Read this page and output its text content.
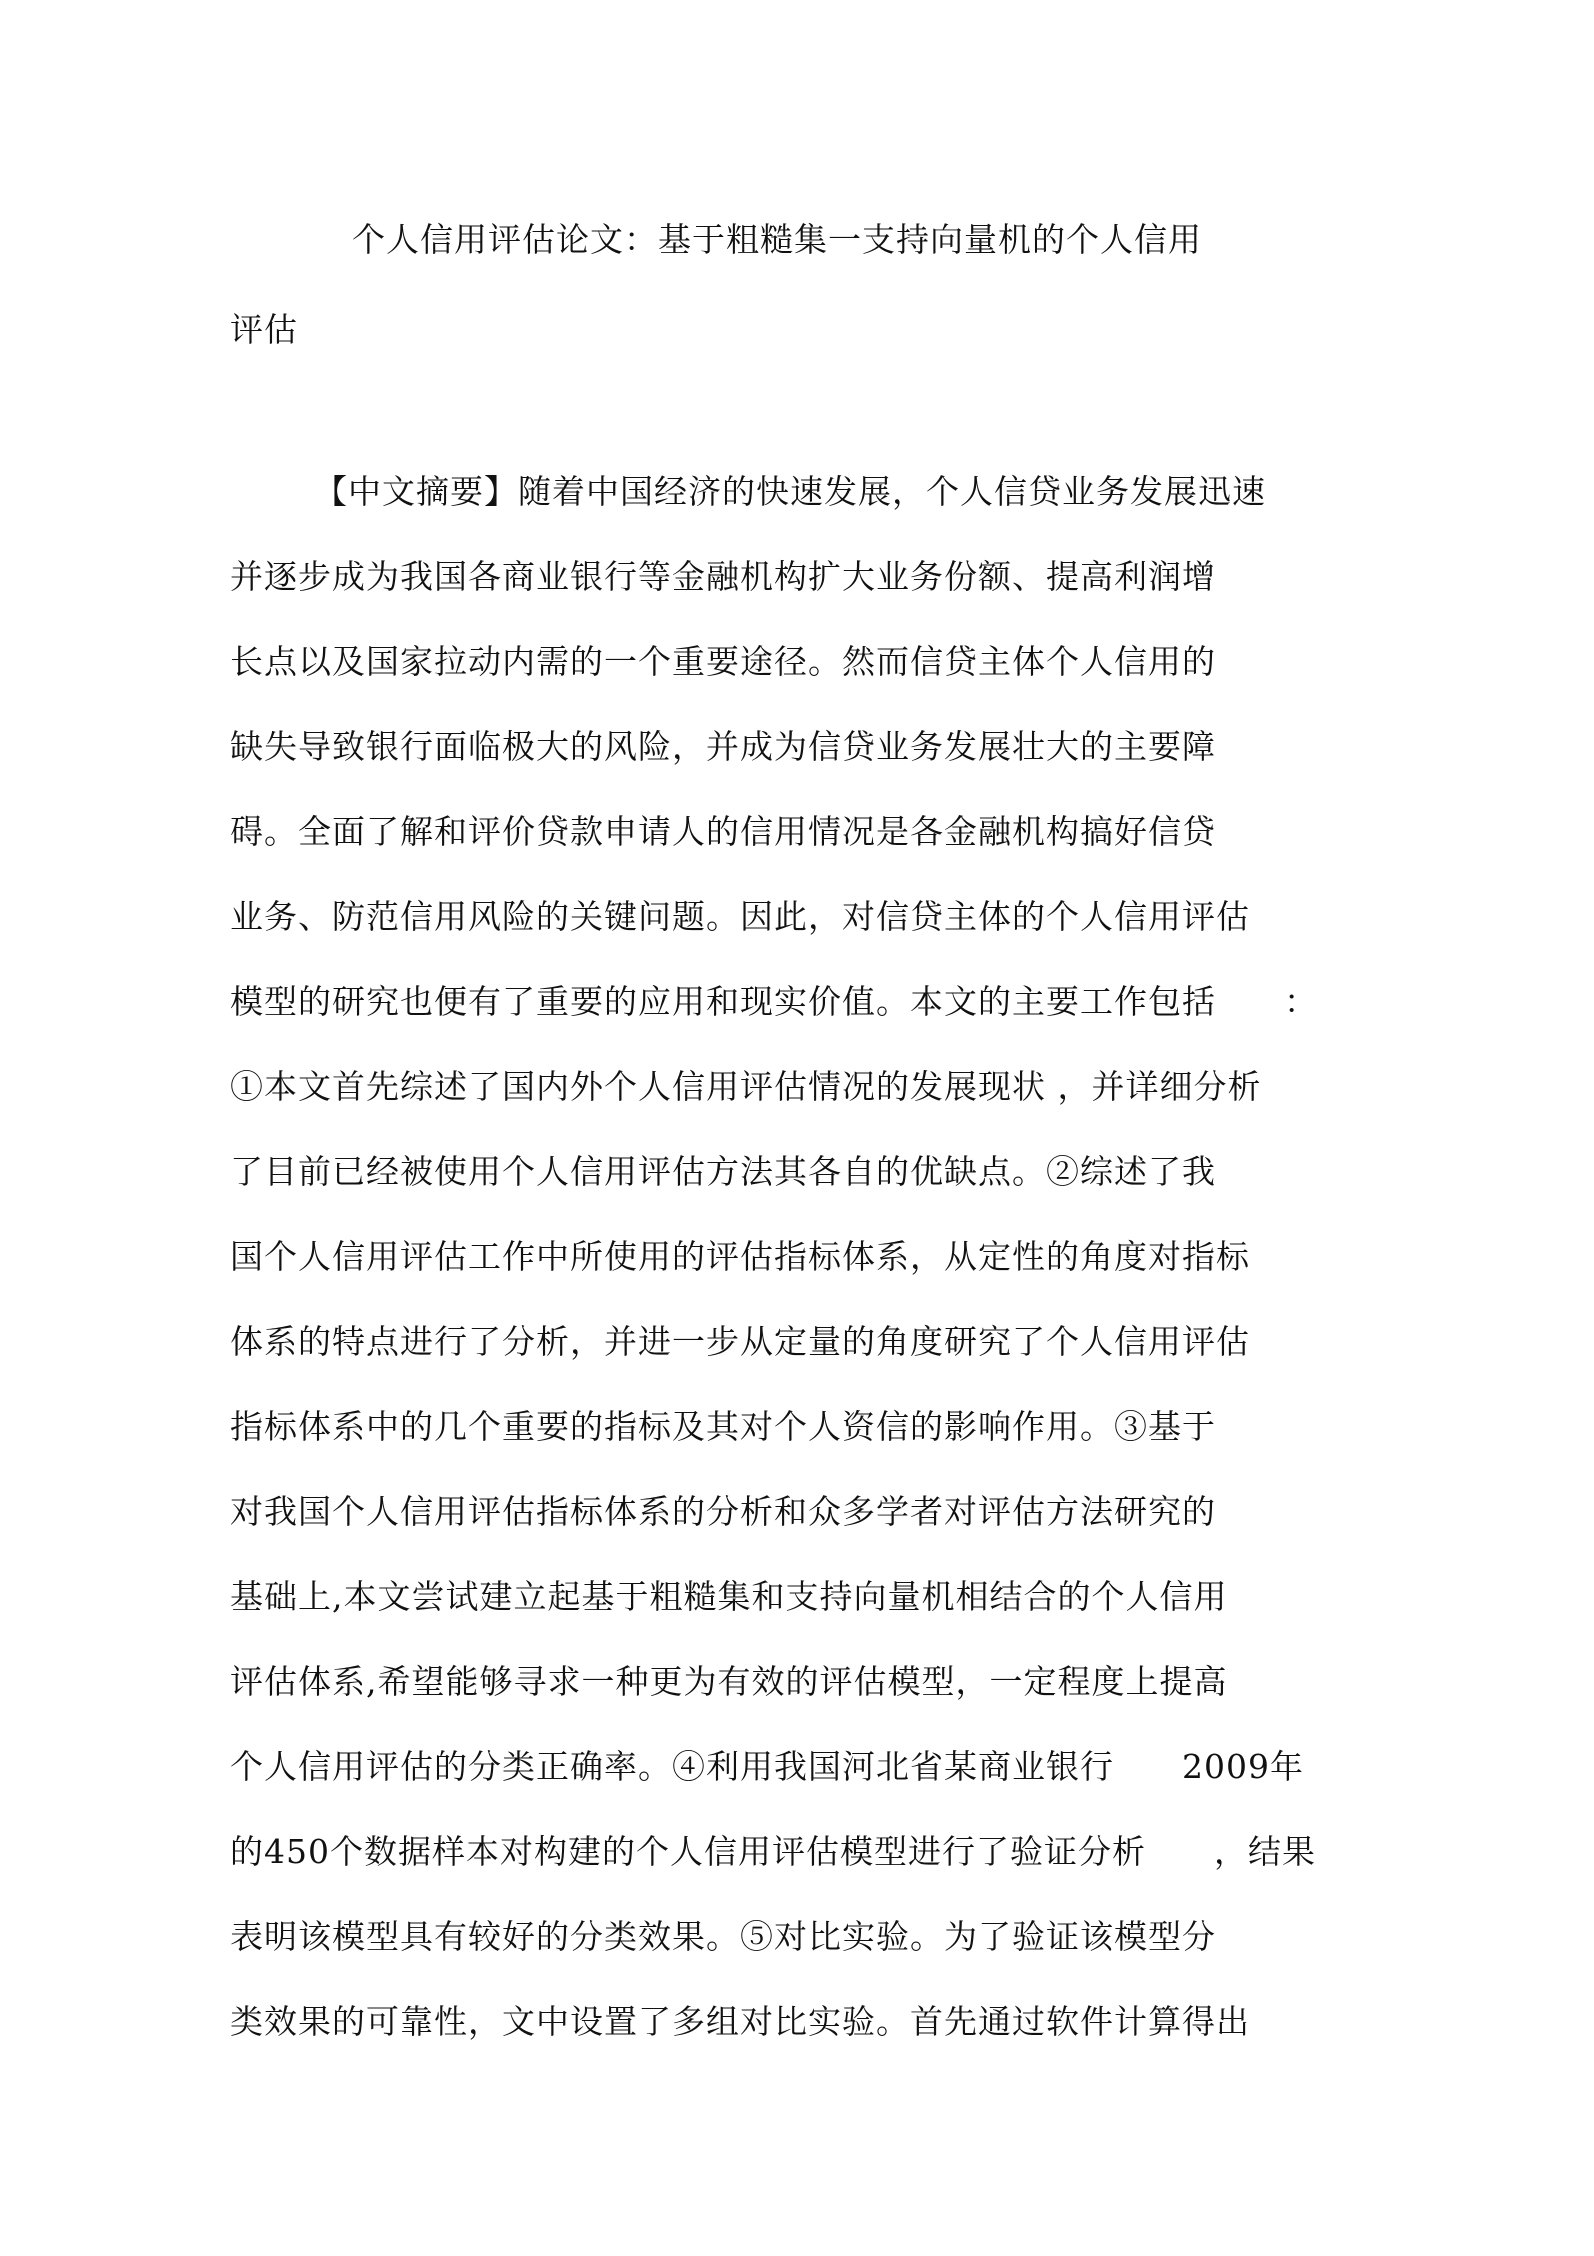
个人信用评估论文：基于粗糙集一支持向量机的个人信用
评估
【中文摘要】随着中国经济的快速发展，个人信贷业务发展迅速
并逐步成为我国各商业银行等金融机构扩大业务份额、提高利润增
长点以及国家拉动内需的一个重要途径。然而信贷主体个人信用的
缺失导致银行面临极大的风险，并成为信贷业务发展壮大的主要障
碍。全面了解和评价贷款申请人的信用情况是各金融机构搞好信贷
业务、防范信用风险的关键问题。因此，对信贷主体的个人信用评估
模型的研究也便有了重要的应用和现实价值。本文的主要工作包括　　：
①本文首先综述了国内外个人信用评估情况的发展现状 ，并详细分析
了目前已经被使用个人信用评估方法其各自的优缺点。②综述了我
国个人信用评估工作中所使用的评估指标体系，从定性的角度对指标
体系的特点进行了分析，并进一步从定量的角度研究了个人信用评估
指标体系中的几个重要的指标及其对个人资信的影响作用。③基于
对我国个人信用评估指标体系的分析和众多学者对评估方法研究的
基础上,本文尝试建立起基于粗糙集和支持向量机相结合的个人信用
评估体系,希望能够寻求一种更为有效的评估模型，一定程度上提高
个人信用评估的分类正确率。④利用我国河北省某商业银行　　2009年
的450个数据样本对构建的个人信用评估模型进行了验证分析　　，结果
表明该模型具有较好的分类效果。⑤对比实验。为了验证该模型分
类效果的可靠性，文中设置了多组对比实验。首先通过软件计算得出
